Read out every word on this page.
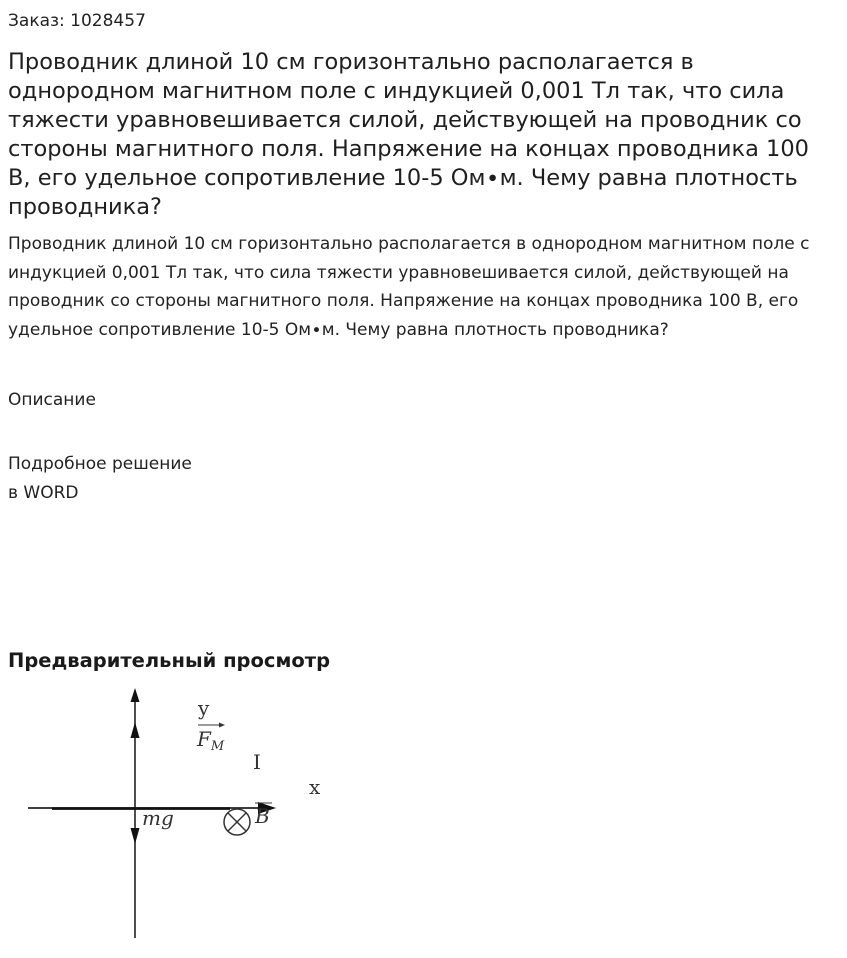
Заказ: 1028457

Проводник длиной 10 см горизонтально располагается в однородном магнитном поле с индукцией 0,001 Тл так, что сила тяжести уравновешивается силой, действующей на проводник со стороны магнитного поля. Напряжение на концах проводника 100 В, его удельное сопротивление 10-5 Ом∙м. Чему равна плотность проводника?

Проводник длиной 10 см горизонтально располагается в однородном магнитном поле с индукцией 0,001 Тл так, что сила тяжести уравновешивается силой, действующей на проводник со стороны магнитного поля. Напряжение на концах проводника 100 В, его удельное сопротивление 10-5 Ом∙м. Чему равна плотность проводника?

Описание

Подробное решение
в WORD
Предварительный просмотр
y
$F_M$
I
x
mg	B
